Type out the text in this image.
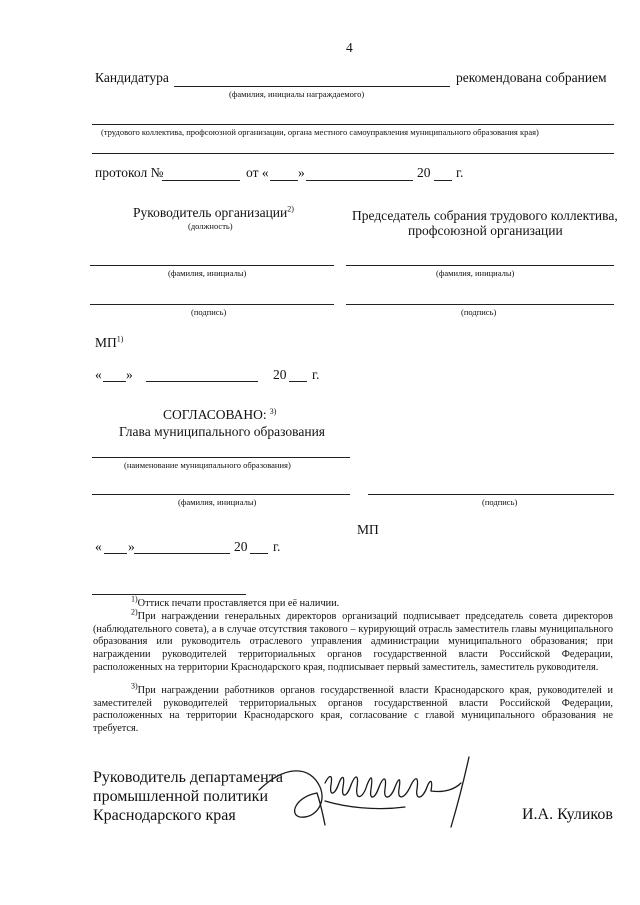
4
Кандидатура	рекомендована собранием
(фамилия, инициалы награждаемого)
(трудового коллектива, профсоюзной организации, органа местного самоуправления муниципального образования края)
протокол №	от « »	20 г.
Руководитель организации$^{2)}$
(должность)
Председатель собрания трудового коллектива,
профсоюзной организации
(фамилия, инициалы)	(фамилия, инициалы)
(подпись)	(подпись)
МП$^{1)}$
« »	20 г.
СОГЛАСОВАНО: $^{3)}$
Глава муниципального образования
(наименование муниципального образования)
(фамилия, инициалы)	(подпись)
МП
« »	20 г.
$^{1)}$Оттиск печати проставляется при её наличии.
$^{2)}$При награждении генеральных директоров организаций подписывает председатель совета директоров (наблюдательного совета), а в случае отсутствия такового – курирующий отрасль заместитель главы муниципального образования или руководитель отраслевого управления администрации муниципального образования; при награждении руководителей территориальных органов государственной власти Российской Федерации, расположенных на территории Краснодарского края, подписывает первый заместитель, заместитель руководителя.
$^{3)}$При награждении работников органов государственной власти Краснодарского края, руководителей и заместителей руководителей территориальных органов государственной власти Российской Федерации, расположенных на территории Краснодарского края, согласование с главой муниципального образования не требуется.
Руководитель департамента
промышленной политики
Краснодарского края	И.А. Куликов
